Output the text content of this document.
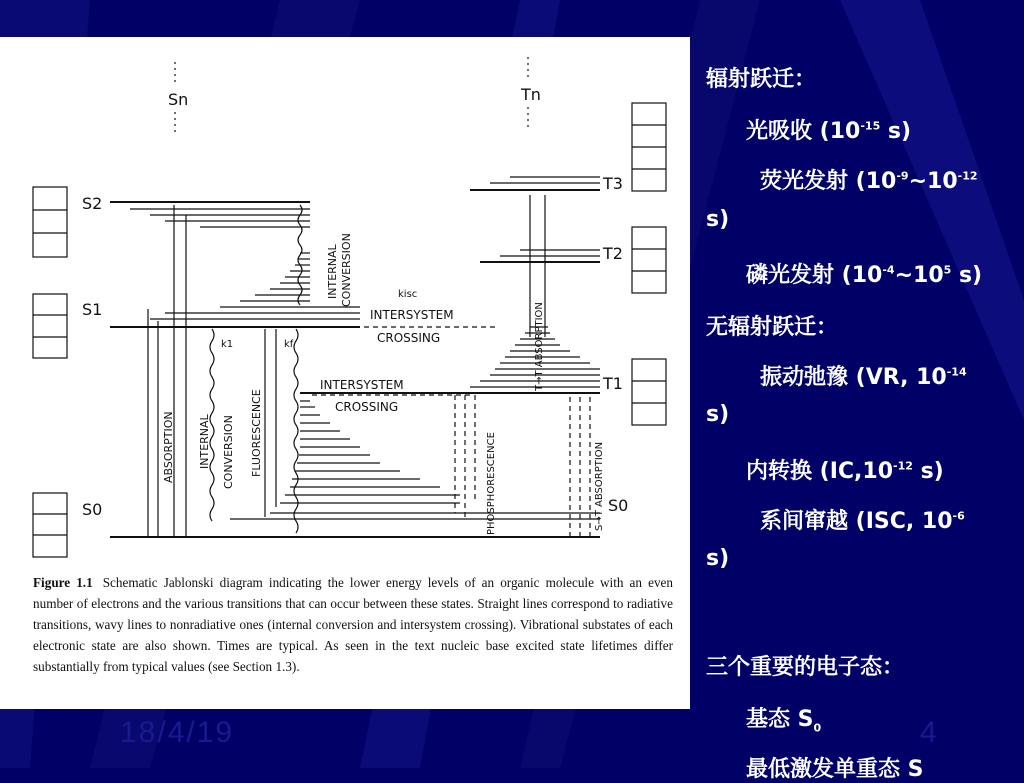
Sn	Tn
S2
S1
S0
T3
T2
T1
S0
kisc
INTERSYSTEM
CROSSING
INTERSYSTEM
CROSSING
k1	kf
INTERNAL CONVERSION
ABSORPTION INTERNAL CONVERSION FLUORESCENCE	PHOSPHORESCENCE
T→T ABSORPTION
S→T ABSORPTION
Figure 1.1 Schematic Jablonski diagram indicating the lower energy levels of an organic molecule with an even number of electrons and the various transitions that can occur between these states. Straight lines correspond to radiative transitions, wavy lines to nonradiative ones (internal conversion and intersystem crossing). Vibrational substates of each electronic state are also shown. Times are typical. As seen in the text nucleic base excited state lifetimes differ substantially from typical values (see Section 1.3).
辐射跃迁：
光吸收 ($10^{-15}$ s)
荧光发射 ($10^{-9}\sim 10^{-12}$
s)
磷光发射 ($10^{-4}\sim 10^5$ s)
无辐射跃迁：
振动弛豫 (VR, $10^{-14}$
s)
内转换 ($IC,10^{-12}$ s)
系间窜越 (ISC, $10^{-6}$
s)
三个重要的电子态：
基态 $S_0$
最低激发单重态 S
18/4/19	4
